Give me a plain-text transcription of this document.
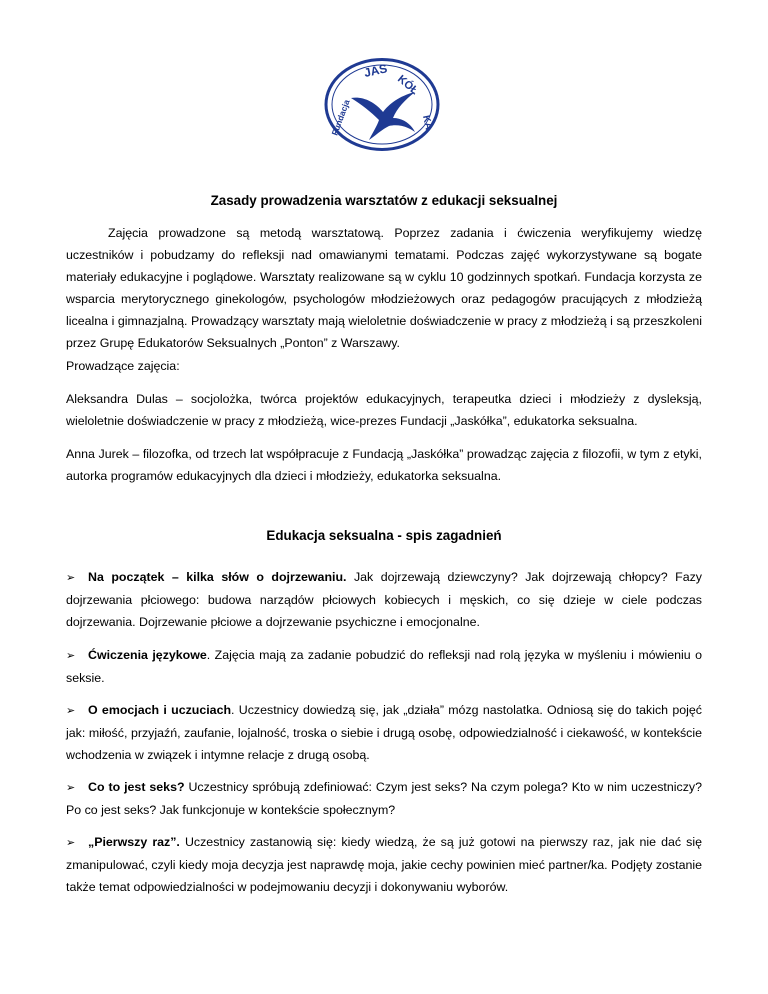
JAS
KÓŁ
KA
Fundacja
Zasady prowadzenia warsztatów z edukacji seksualnej

Zajęcia prowadzone są metodą warsztatową. Poprzez zadania i ćwiczenia weryfikujemy wiedzę uczestników i pobudzamy do refleksji nad omawianymi tematami. Podczas zajęć wykorzystywane są bogate materiały edukacyjne i poglądowe. Warsztaty realizowane są w cyklu 10 godzinnych spotkań. Fundacja korzysta ze wsparcia merytorycznego ginekologów, psychologów młodzieżowych oraz pedagogów pracujących z młodzieżą licealna i gimnazjalną. Prowadzący warsztaty mają wieloletnie doświadczenie w pracy z młodzieżą i są przeszkoleni przez Grupę Edukatorów Seksualnych „Ponton” z Warszawy.

Prowadzące zajęcia:

Aleksandra Dulas – socjolożka, twórca projektów edukacyjnych, terapeutka dzieci i młodzieży z dysleksją, wieloletnie doświadczenie w pracy z młodzieżą, wice-prezes Fundacji „Jaskółka”, edukatorka seksualna.

Anna Jurek – filozofka, od trzech lat współpracuje z Fundacją „Jaskółka” prowadząc zajęcia z filozofii, w tym z etyki, autorka programów edukacyjnych dla dzieci i młodzieży, edukatorka seksualna.

Edukacja seksualna - spis zagadnień

➢ Na początek – kilka słów o dojrzewaniu. Jak dojrzewają dziewczyny? Jak dojrzewają chłopcy? Fazy dojrzewania płciowego: budowa narządów płciowych kobiecych i męskich, co się dzieje w ciele podczas dojrzewania. Dojrzewanie płciowe a dojrzewanie psychiczne i emocjonalne.

➢ Ćwiczenia językowe. Zajęcia mają za zadanie pobudzić do refleksji nad rolą języka w myśleniu i mówieniu o seksie.

➢ O emocjach i uczuciach. Uczestnicy dowiedzą się, jak „działa” mózg nastolatka. Odniosą się do takich pojęć jak: miłość, przyjaźń, zaufanie, lojalność, troska o siebie i drugą osobę, odpowiedzialność i ciekawość, w kontekście wchodzenia w związek i intymne relacje z drugą osobą.

➢ Co to jest seks? Uczestnicy spróbują zdefiniować: Czym jest seks? Na czym polega? Kto w nim uczestniczy? Po co jest seks? Jak funkcjonuje w kontekście społecznym?

➢ „Pierwszy raz”. Uczestnicy zastanowią się: kiedy wiedzą, że są już gotowi na pierwszy raz, jak nie dać się zmanipulować, czyli kiedy moja decyzja jest naprawdę moja, jakie cechy powinien mieć partner/ka. Podjęty zostanie także temat odpowiedzialności w podejmowaniu decyzji i dokonywaniu wyborów.
